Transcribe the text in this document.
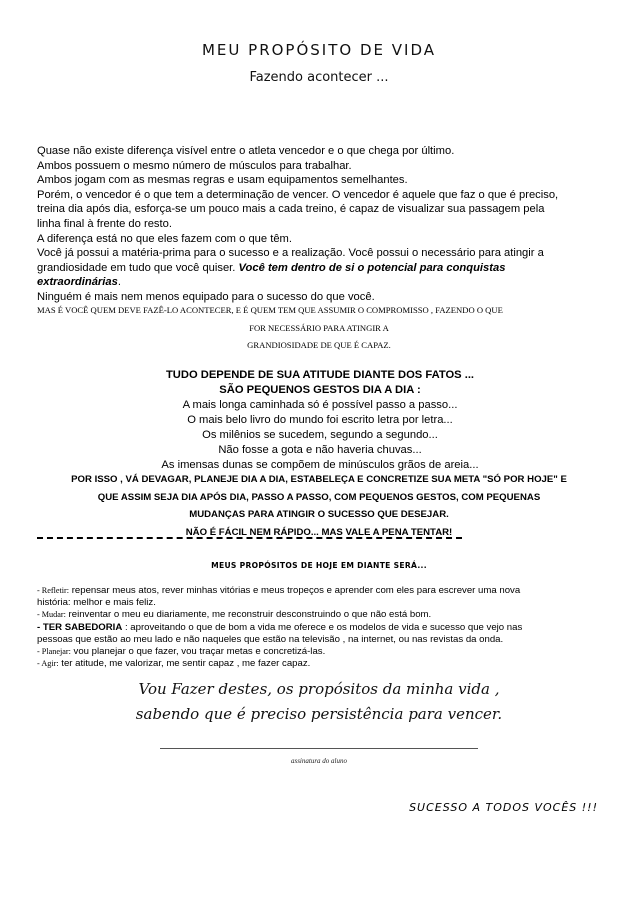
MEU PROPÓSITO DE VIDA
Fazendo acontecer ...
Quase não existe diferença visível entre o atleta vencedor e o que chega por último.
Ambos possuem o mesmo número de músculos para trabalhar.
Ambos jogam com as mesmas regras e usam equipamentos semelhantes.
Porém, o vencedor é o que tem a determinação de vencer. O vencedor é aquele que faz o que é preciso,
treina dia após dia, esforça-se um pouco mais a cada treino, é capaz de visualizar sua passagem pela
linha final à frente do resto.
A diferença está no que eles fazem com o que têm.
Você já possui a matéria-prima para o sucesso e a realização. Você possui o necessário para atingir a
grandiosidade em tudo que você quiser. Você tem dentro de si o potencial para conquistas
extraordinárias.
Ninguém é mais nem menos equipado para o sucesso do que você.
MAS É VOCÊ QUEM DEVE FAZÊ-LO ACONTECER, E É QUEM TEM QUE ASSUMIR O COMPROMISSO , FAZENDO O QUE
FOR NECESSÁRIO PARA ATINGIR A
GRANDIOSIDADE DE QUE É CAPAZ.
TUDO DEPENDE DE SUA ATITUDE DIANTE DOS FATOS ...
SÃO PEQUENOS GESTOS DIA A DIA :
A mais longa caminhada só é possível passo a passo...
O mais belo livro do mundo foi escrito letra por letra...
Os milênios se sucedem, segundo a segundo...
Não fosse a gota e não haveria chuvas...
As imensas dunas se compõem de minúsculos grãos de areia...
POR ISSO , VÁ DEVAGAR, PLANEJE DIA A DIA, ESTABELEÇA E CONCRETIZE SUA META "SÓ POR HOJE" E
QUE ASSIM SEJA DIA APÓS DIA, PASSO A PASSO, COM PEQUENOS GESTOS, COM PEQUENAS
MUDANÇAS PARA ATINGIR O SUCESSO QUE DESEJAR.
NÃO É FÁCIL NEM RÁPIDO... MAS VALE A PENA TENTAR!
MEUS PROPÓSITOS DE HOJE EM DIANTE SERÁ...
- Refletir: repensar meus atos, rever minhas vitórias e meus tropeços e aprender com eles para escrever uma nova
história: melhor e mais feliz.
- Mudar: reinventar o meu eu diariamente, me reconstruir desconstruindo o que não está bom.
- TER SABEDORIA : aproveitando o que de bom a vida me oferece e os modelos de vida e sucesso que vejo nas
pessoas que estão ao meu lado e não naqueles que estão na televisão , na internet, ou nas revistas da onda.
- Planejar: vou planejar o que fazer, vou traçar metas e concretizá-las.
- Agir: ter atitude, me valorizar, me sentir capaz , me fazer capaz.
Vou Fazer destes, os propósitos da minha vida ,
sabendo que é preciso persistência para vencer.
assinatura do aluno
SUCESSO A TODOS VOCÊS !!!
